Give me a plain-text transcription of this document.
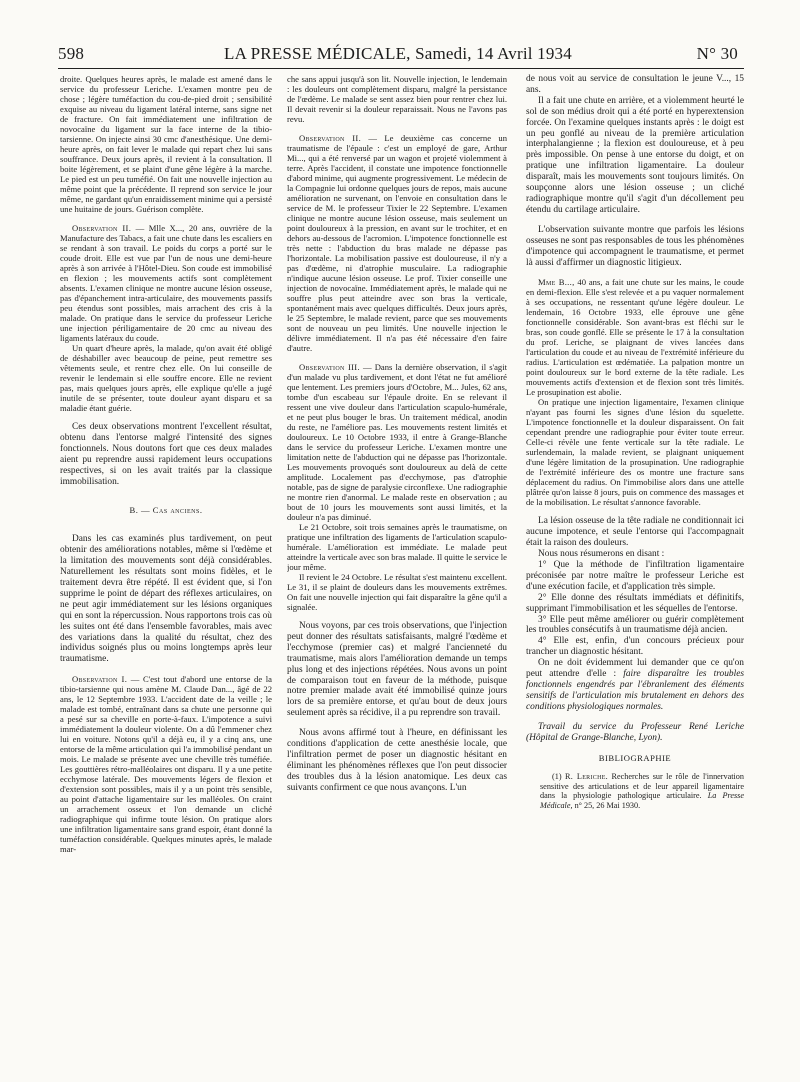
598	LA PRESSE MÉDICALE, Samedi, 14 Avril 1934	N° 30

droite. Quelques heures après, le malade est amené dans le service du professeur Leriche. L'examen montre peu de chose ; légère tuméfaction du cou-de-pied droit ; sensibilité exquise au niveau du ligament latéral interne, sans signe net de fracture. On fait immédiatement une infiltration de novocaïne du ligament sur la face interne de la tibio-tarsienne. On injecte ainsi 30 cmc d'anesthésique. Une demi-heure après, on fait lever le malade qui repart chez lui sans souffrance. Deux jours après, il revient à la consultation. Il boite légèrement, et se plaint d'une gêne légère à la marche. Le pied est un peu tuméfié. On fait une nouvelle injection au même point que la précédente. Il reprend son service le jour même, ne gardant qu'un enraidissement minime qui a persisté une huitaine de jours. Guérison complète.

Observation II. — Mlle X..., 20 ans, ouvrière de la Manufacture des Tabacs, a fait une chute dans les escaliers en se rendant à son travail. Le poids du corps a porté sur le coude droit. Elle est vue par l'un de nous une demi-heure après à son arrivée à l'Hôtel-Dieu. Son coude est immobilisé en flexion ; les mouvements actifs sont complètement absents. L'examen clinique ne montre aucune lésion osseuse, pas d'épanchement intra-articulaire, des mouvements passifs peu étendus sont possibles, mais arrachent des cris à la malade. On pratique dans le service du professeur Leriche une injection périligamentaire de 20 cmc au niveau des ligaments latéraux du coude.

Un quart d'heure après, la malade, qu'on avait été obligé de déshabiller avec beaucoup de peine, peut remettre ses vêtements seule, et rentre chez elle. On lui conseille de revenir le lendemain si elle souffre encore. Elle ne revient pas, mais quelques jours après, elle explique qu'elle a jugé inutile de se présenter, toute douleur ayant disparu et sa maladie étant guérie.

Ces deux observations montrent l'excellent résultat, obtenu dans l'entorse malgré l'intensité des signes fonctionnels. Nous doutons fort que ces deux malades aient pu reprendre aussi rapidement leurs occupations respectives, si on les avait traités par la classique immobilisation.

B. — Cas anciens.

Dans les cas examinés plus tardivement, on peut obtenir des améliorations notables, même si l'œdème et la limitation des mouvements sont déjà considérables. Naturellement les résultats sont moins fidèles, et le traitement devra être répété. Il est évident que, si l'on supprime le point de départ des réflexes articulaires, on ne peut agir immédiatement sur les lésions organiques qui en sont la répercussion. Nous rapportons trois cas où les suites ont été dans l'ensemble favorables, mais avec des variations dans la qualité du résultat, chez des individus soignés plus ou moins longtemps après leur traumatisme.

Observation I. — C'est tout d'abord une entorse de la tibio-tarsienne qui nous amène M. Claude Dan..., âgé de 22 ans, le 12 Septembre 1933. L'accident date de la veille ; le malade est tombé, entraînant dans sa chute une personne qui a pesé sur sa cheville en porte-à-faux. L'impotence a suivi immédiatement la douleur violente. On a dû l'emmener chez lui en voiture. Notons qu'il a déjà eu, il y a cinq ans, une entorse de la même articulation qui l'a immobilisé pendant un mois. Le malade se présente avec une cheville très tuméfiée. Les gouttières rétro-malléolaires ont disparu. Il y a une petite ecchymose latérale. Des mouvements légers de flexion et d'extension sont possibles, mais il y a un point très sensible, au point d'attache ligamentaire sur les malléoles. On craint un arrachement osseux et l'on demande un cliché radiographique qui infirme toute lésion. On pratique alors une infiltration ligamentaire sans grand espoir, étant donné la tuméfaction considérable. Quelques minutes après, le malade mar-

che sans appui jusqu'à son lit. Nouvelle injection, le lendemain : les douleurs ont complètement disparu, malgré la persistance de l'œdème. Le malade se sent assez bien pour rentrer chez lui. Il devait revenir si la douleur reparaissait. Nous ne l'avons pas revu.

Observation II. — Le deuxième cas concerne un traumatisme de l'épaule : c'est un employé de gare, Arthur Mi..., qui a été renversé par un wagon et projeté violemment à terre. Après l'accident, il constate une impotence fonctionnelle d'abord minime, qui augmente progressivement. Le médecin de la Compagnie lui ordonne quelques jours de repos, mais aucune amélioration ne survenant, on l'envoie en consultation dans le service de M. le professeur Tixier le 22 Septembre. L'examen clinique ne montre aucune lésion osseuse, mais seulement un point douloureux à la pression, en avant sur le trochiter, et en dehors au-dessous de l'acromion. L'impotence fonctionnelle est très nette : l'abduction du bras malade ne dépasse pas l'horizontale. La mobilisation passive est douloureuse, il n'y a pas d'œdème, ni d'atrophie musculaire. La radiographie n'indique aucune lésion osseuse. Le prof. Tixier conseille une injection de novocaïne. Immédiatement après, le malade qui ne souffre plus peut atteindre avec son bras la verticale, spontanément mais avec quelques difficultés. Deux jours après, le 25 Septembre, le malade revient, parce que ses mouvements sont de nouveau un peu limités. Une nouvelle injection le délivre immédiatement. Il n'a pas été nécessaire d'en faire d'autre.

Observation III. — Dans la dernière observation, il s'agit d'un malade vu plus tardivement, et dont l'état ne fut amélioré que lentement. Les premiers jours d'Octobre, M... Jules, 62 ans, tombe d'un escabeau sur l'épaule droite. En se relevant il ressent une vive douleur dans l'articulation scapulo-humérale, et ne peut plus bouger le bras. Un traitement médical, anodin du reste, ne l'améliore pas. Les mouvements restent limités et douloureux. Le 10 Octobre 1933, il entre à Grange-Blanche dans le service du professeur Leriche. L'examen montre une limitation nette de l'abduction qui ne dépasse pas l'horizontale. Les mouvements provoqués sont douloureux au delà de cette amplitude. Localement pas d'ecchymose, pas d'atrophie notable, pas de signe de paralysie circonflexe. Une radiographie ne montre rien d'anormal. Le malade reste en observation ; au bout de 10 jours les mouvements sont aussi limités, et la douleur n'a pas diminué.

Le 21 Octobre, soit trois semaines après le traumatisme, on pratique une infiltration des ligaments de l'articulation scapulo-humérale. L'amélioration est immédiate. Le malade peut atteindre la verticale avec son bras malade. Il quitte le service le jour même.

Il revient le 24 Octobre. Le résultat s'est maintenu excellent. Le 31, il se plaint de douleurs dans les mouvements extrêmes. On fait une nouvelle injection qui fait disparaître la gêne qu'il a signalée.

Nous voyons, par ces trois observations, que l'injection peut donner des résultats satisfaisants, malgré l'œdème et l'ecchymose (premier cas) et malgré l'ancienneté du traumatisme, mais alors l'amélioration demande un temps plus long et des injections répétées. Nous avons un point de comparaison tout en faveur de la méthode, puisque notre premier malade avait été immobilisé quinze jours lors de sa première entorse, et qu'au bout de deux jours seulement après sa récidive, il a pu reprendre son travail.

Nous avons affirmé tout à l'heure, en définissant les conditions d'application de cette anesthésie locale, que l'infiltration permet de poser un diagnostic hésitant en éliminant les phénomènes réflexes que l'on peut dissocier des troubles dus à la lésion anatomique. Les deux cas suivants confirment ce que nous avançons. L'un

de nous voit au service de consultation le jeune V..., 15 ans.

Il a fait une chute en arrière, et a violemment heurté le sol de son médius droit qui a été porté en hyperextension forcée. On l'examine quelques instants après : le doigt est un peu gonflé au niveau de la première articulation interphalangienne ; la flexion est douloureuse, et à peu près impossible. On pense à une entorse du doigt, et on pratique une infiltration ligamentaire. La douleur disparaît, mais les mouvements sont toujours limités. On soupçonne alors une lésion osseuse ; un cliché radiographique montre qu'il s'agit d'un décollement peu étendu du cartilage articulaire.

L'observation suivante montre que parfois les lésions osseuses ne sont pas responsables de tous les phénomènes d'impotence qui accompagnent le traumatisme, et permet là aussi d'affirmer un diagnostic litigieux.

Mme B..., 40 ans, a fait une chute sur les mains, le coude en demi-flexion. Elle s'est relevée et a pu vaquer normalement à ses occupations, ne ressentant qu'une légère douleur. Le lendemain, 16 Octobre 1933, elle éprouve une gêne fonctionnelle considérable. Son avant-bras est fléchi sur le bras, son coude gonflé. Elle se présente le 17 à la consultation du prof. Leriche, se plaignant de vives lancées dans l'articulation du coude et au niveau de l'extrémité inférieure du radius. L'articulation est œdématiée. La palpation montre un point douloureux sur le bord externe de la tête radiale. Les mouvements actifs d'extension et de flexion sont très limités. Le prosupination est abolie.

On pratique une injection ligamentaire, l'examen clinique n'ayant pas fourni les signes d'une lésion du squelette. L'impotence fonctionnelle et la douleur disparaissent. On fait cependant prendre une radiographie pour éviter toute erreur. Celle-ci révèle une fente verticale sur la tête radiale. Le surlendemain, la malade revient, se plaignant uniquement d'une légère limitation de la prosupination. Une radiographie de l'extrémité inférieure des os montre une fracture sans déplacement du radius. On l'immobilise alors dans une attelle plâtrée qu'on laisse 8 jours, puis on commence des massages et de la mobilisation. Le résultat s'annonce favorable.

La lésion osseuse de la tête radiale ne conditionnait ici aucune impotence, et seule l'entorse qui l'accompagnait était la raison des douleurs.

Nous nous résumerons en disant :

1° Que la méthode de l'infiltration ligamentaire préconisée par notre maître le professeur Leriche est d'une exécution facile, et d'application très simple.

2° Elle donne des résultats immédiats et définitifs, supprimant l'immobilisation et les séquelles de l'entorse.

3° Elle peut même améliorer ou guérir complètement les troubles consécutifs à un traumatisme déjà ancien.

4° Elle est, enfin, d'un concours précieux pour trancher un diagnostic hésitant.

On ne doit évidemment lui demander que ce qu'on peut attendre d'elle : faire disparaître les troubles fonctionnels engendrés par l'ébranlement des éléments sensitifs de l'articulation mis brutalement en dehors des conditions physiologiques normales.

Travail du service du Professeur René Leriche (Hôpital de Grange-Blanche, Lyon).

BIBLIOGRAPHIE

(1) R. Leriche. Recherches sur le rôle de l'innervation sensitive des articulations et de leur appareil ligamentaire dans la physiologie pathologique articulaire. La Presse Médicale, n° 25, 26 Mai 1930.
